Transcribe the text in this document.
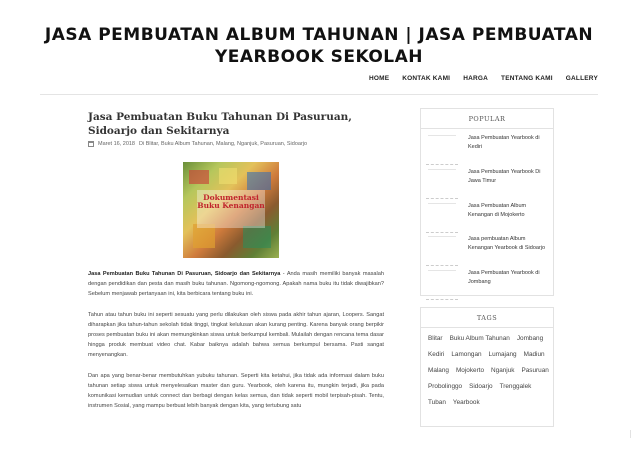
JASA PEMBUATAN ALBUM TAHUNAN | JASA PEMBUATAN YEARBOOK SEKOLAH
HOME KONTAK KAMI HARGA TENTANG KAMI GALLERY
Jasa Pembuatan Buku Tahunan Di Pasuruan, Sidoarjo dan Sekitarnya
Maret 16, 2018 Di Blitar, Buku Album Tahunan, Malang, Nganjuk, Pasuruan, Sidoarjo
Dokumentasi
Buku Kenangan

Jasa Pembuatan Buku Tahunan Di Pasuruan, Sidoarjo dan Sekitarnya - Anda masih memiliki banyak masalah dengan pendidikan dan pesta dan masih buku tahunan. Ngomong-ngomong. Apakah nama buku itu tidak diwajibkan? Sebelum menjawab pertanyaan ini, kita berbicara tentang buku ini.

Tahun atau tahun buku ini seperti sesuatu yang perlu dilakukan oleh siswa pada akhir tahun ajaran, Loopers. Sangat diharapkan jika tahun-tahun sekolah tidak tinggi, tingkat kelulusan akan kurang penting. Karena banyak orang berpikir proses pembuatan buku ini akan memungkinkan siswa untuk berkumpul kembali. Mulailah dengan rencana tema dasar hingga produk membuat video chat. Kabar baiknya adalah bahwa semua berkumpul bersama. Pasti sangat menyenangkan.

Dan apa yang benar-benar membutuhkan yubuku tahunan. Seperti kita ketahui, jika tidak ada informasi dalam buku tahunan setiap siswa untuk menyelesaikan master dan guru. Yearbook, oleh karena itu, mungkin terjadi, jika pada komunikasi kemudian untuk connect dan berbagi dengan kelas semua, dan tidak seperti mobil terpisah-pisah. Tentu, instrumen Sosial, yang mampu berbuat lebih banyak dengan kita, yang tertubung satu

POPULAR
Jasa Pembuatan Yearbook di Kediri
Jasa Pembuatan Yearbook Di Jawa Timur
Jasa Pembuatan Album Kenangan di Mojokerto
Jasa pembuatan Album Kenangan Yearbook di Sidoarjo
Jasa Pembuatan Yearbook di Jombang
TAGS
Blitar Buku Album Tahunan Jombang
Kediri Lamongan Lumajang Madiun
Malang Mojokerto Nganjuk Pasuruan
Probolinggo Sidoarjo Trenggalek
Tuban Yearbook
